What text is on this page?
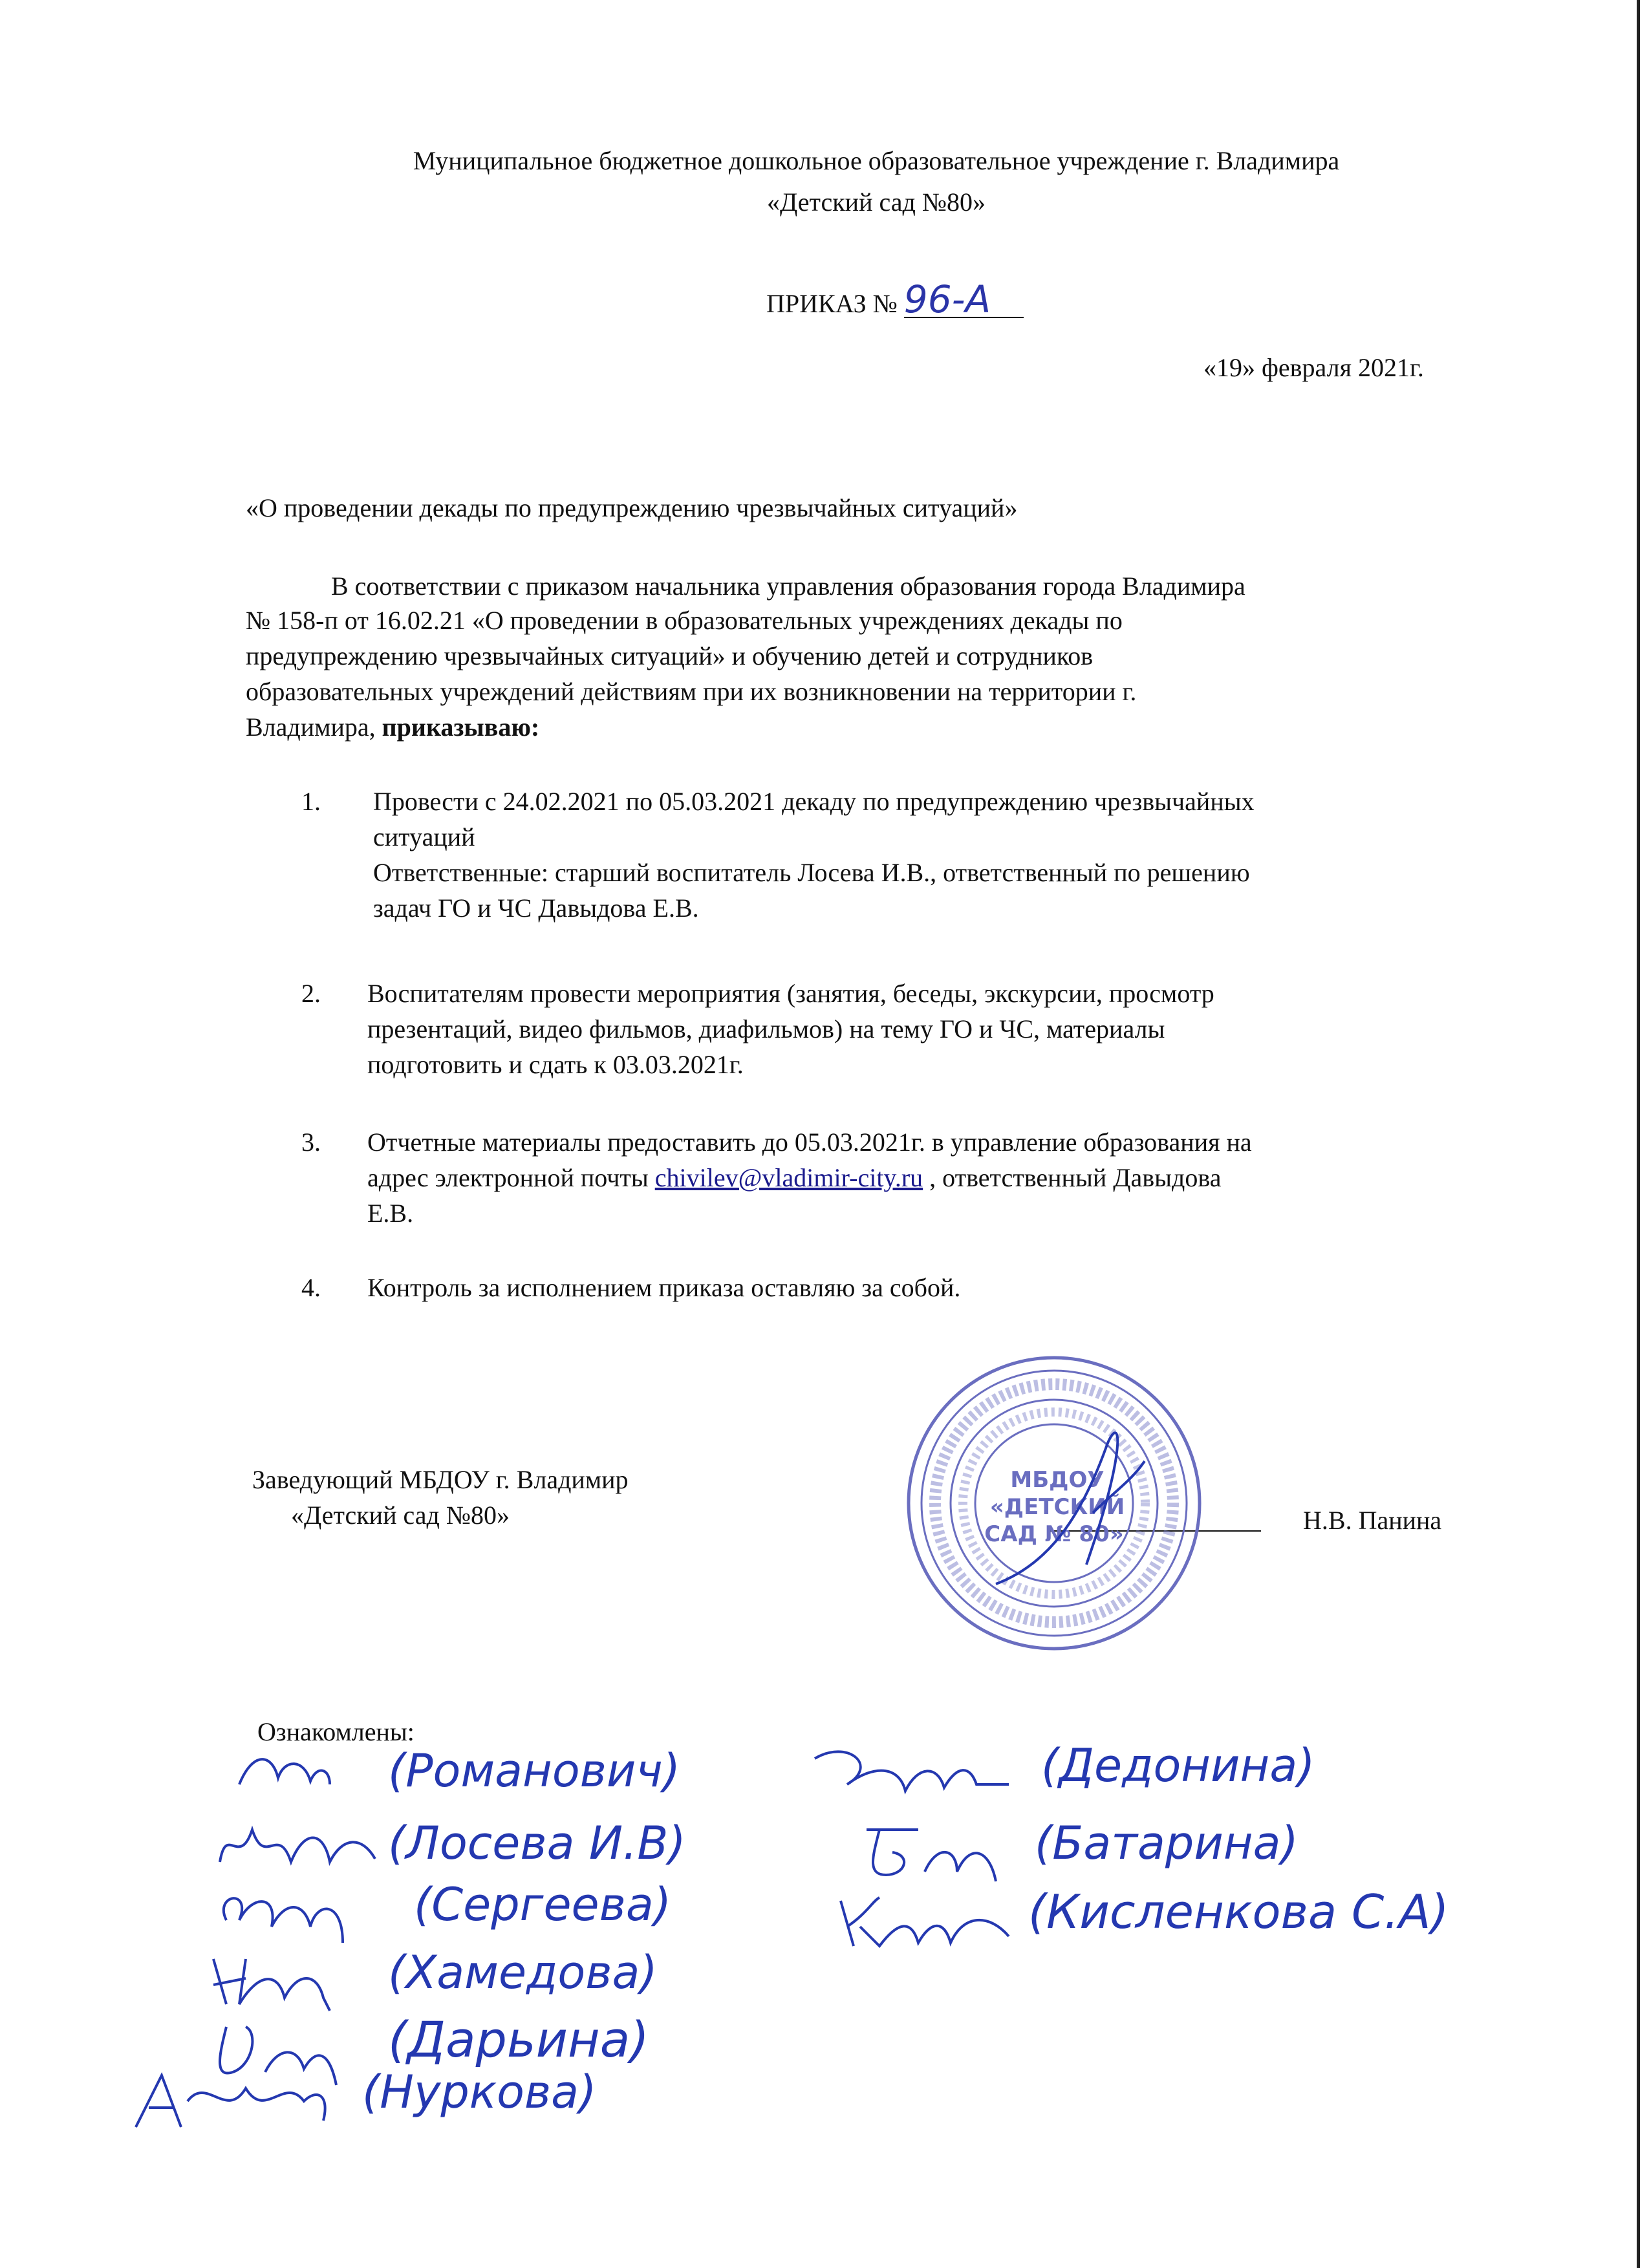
Муниципальное бюджетное дошкольное образовательное учреждение г. Владимира
«Детский сад №80»
ПРИКАЗ № 96-А
«19» февраля 2021г.
«О проведении декады по предупреждению чрезвычайных ситуаций»
В соответствии с приказом начальника управления образования города Владимира
№ 158-п от 16.02.21 «О проведении в образовательных учреждениях декады по
предупреждению чрезвычайных ситуаций» и обучению детей и сотрудников
образовательных учреждений действиям при их возникновении на территории г.
Владимира, приказываю:
1. Провести с 24.02.2021 по 05.03.2021 декаду по предупреждению чрезвычайных
ситуаций
Ответственные: старший воспитатель Лосева И.В., ответственный по решению
задач ГО и ЧС Давыдова Е.В.
2. Воспитателям провести мероприятия (занятия, беседы, экскурсии, просмотр
презентаций, видео фильмов, диафильмов) на тему ГО и ЧС, материалы
подготовить и сдать к 03.03.2021г.
3. Отчетные материалы предоставить до 05.03.2021г. в управление образования на
адрес электронной почты chivilev@vladimir-city.ru , ответственный Давыдова
Е.В.
4. Контроль за исполнением приказа оставляю за собой.
Заведующий МБДОУ г. Владимир
«Детский сад №80»	Н.В. Панина
МБДОУ
«ДЕТСКИЙ
САД № 80»
Ознакомлены:
(Романович)
(Лосева И.В)
(Сергеева)
(Хамедова)
(Дарьина)
(Нуркова)
(Дедонина)
(Батарина)
(Кисленкова С.А)
